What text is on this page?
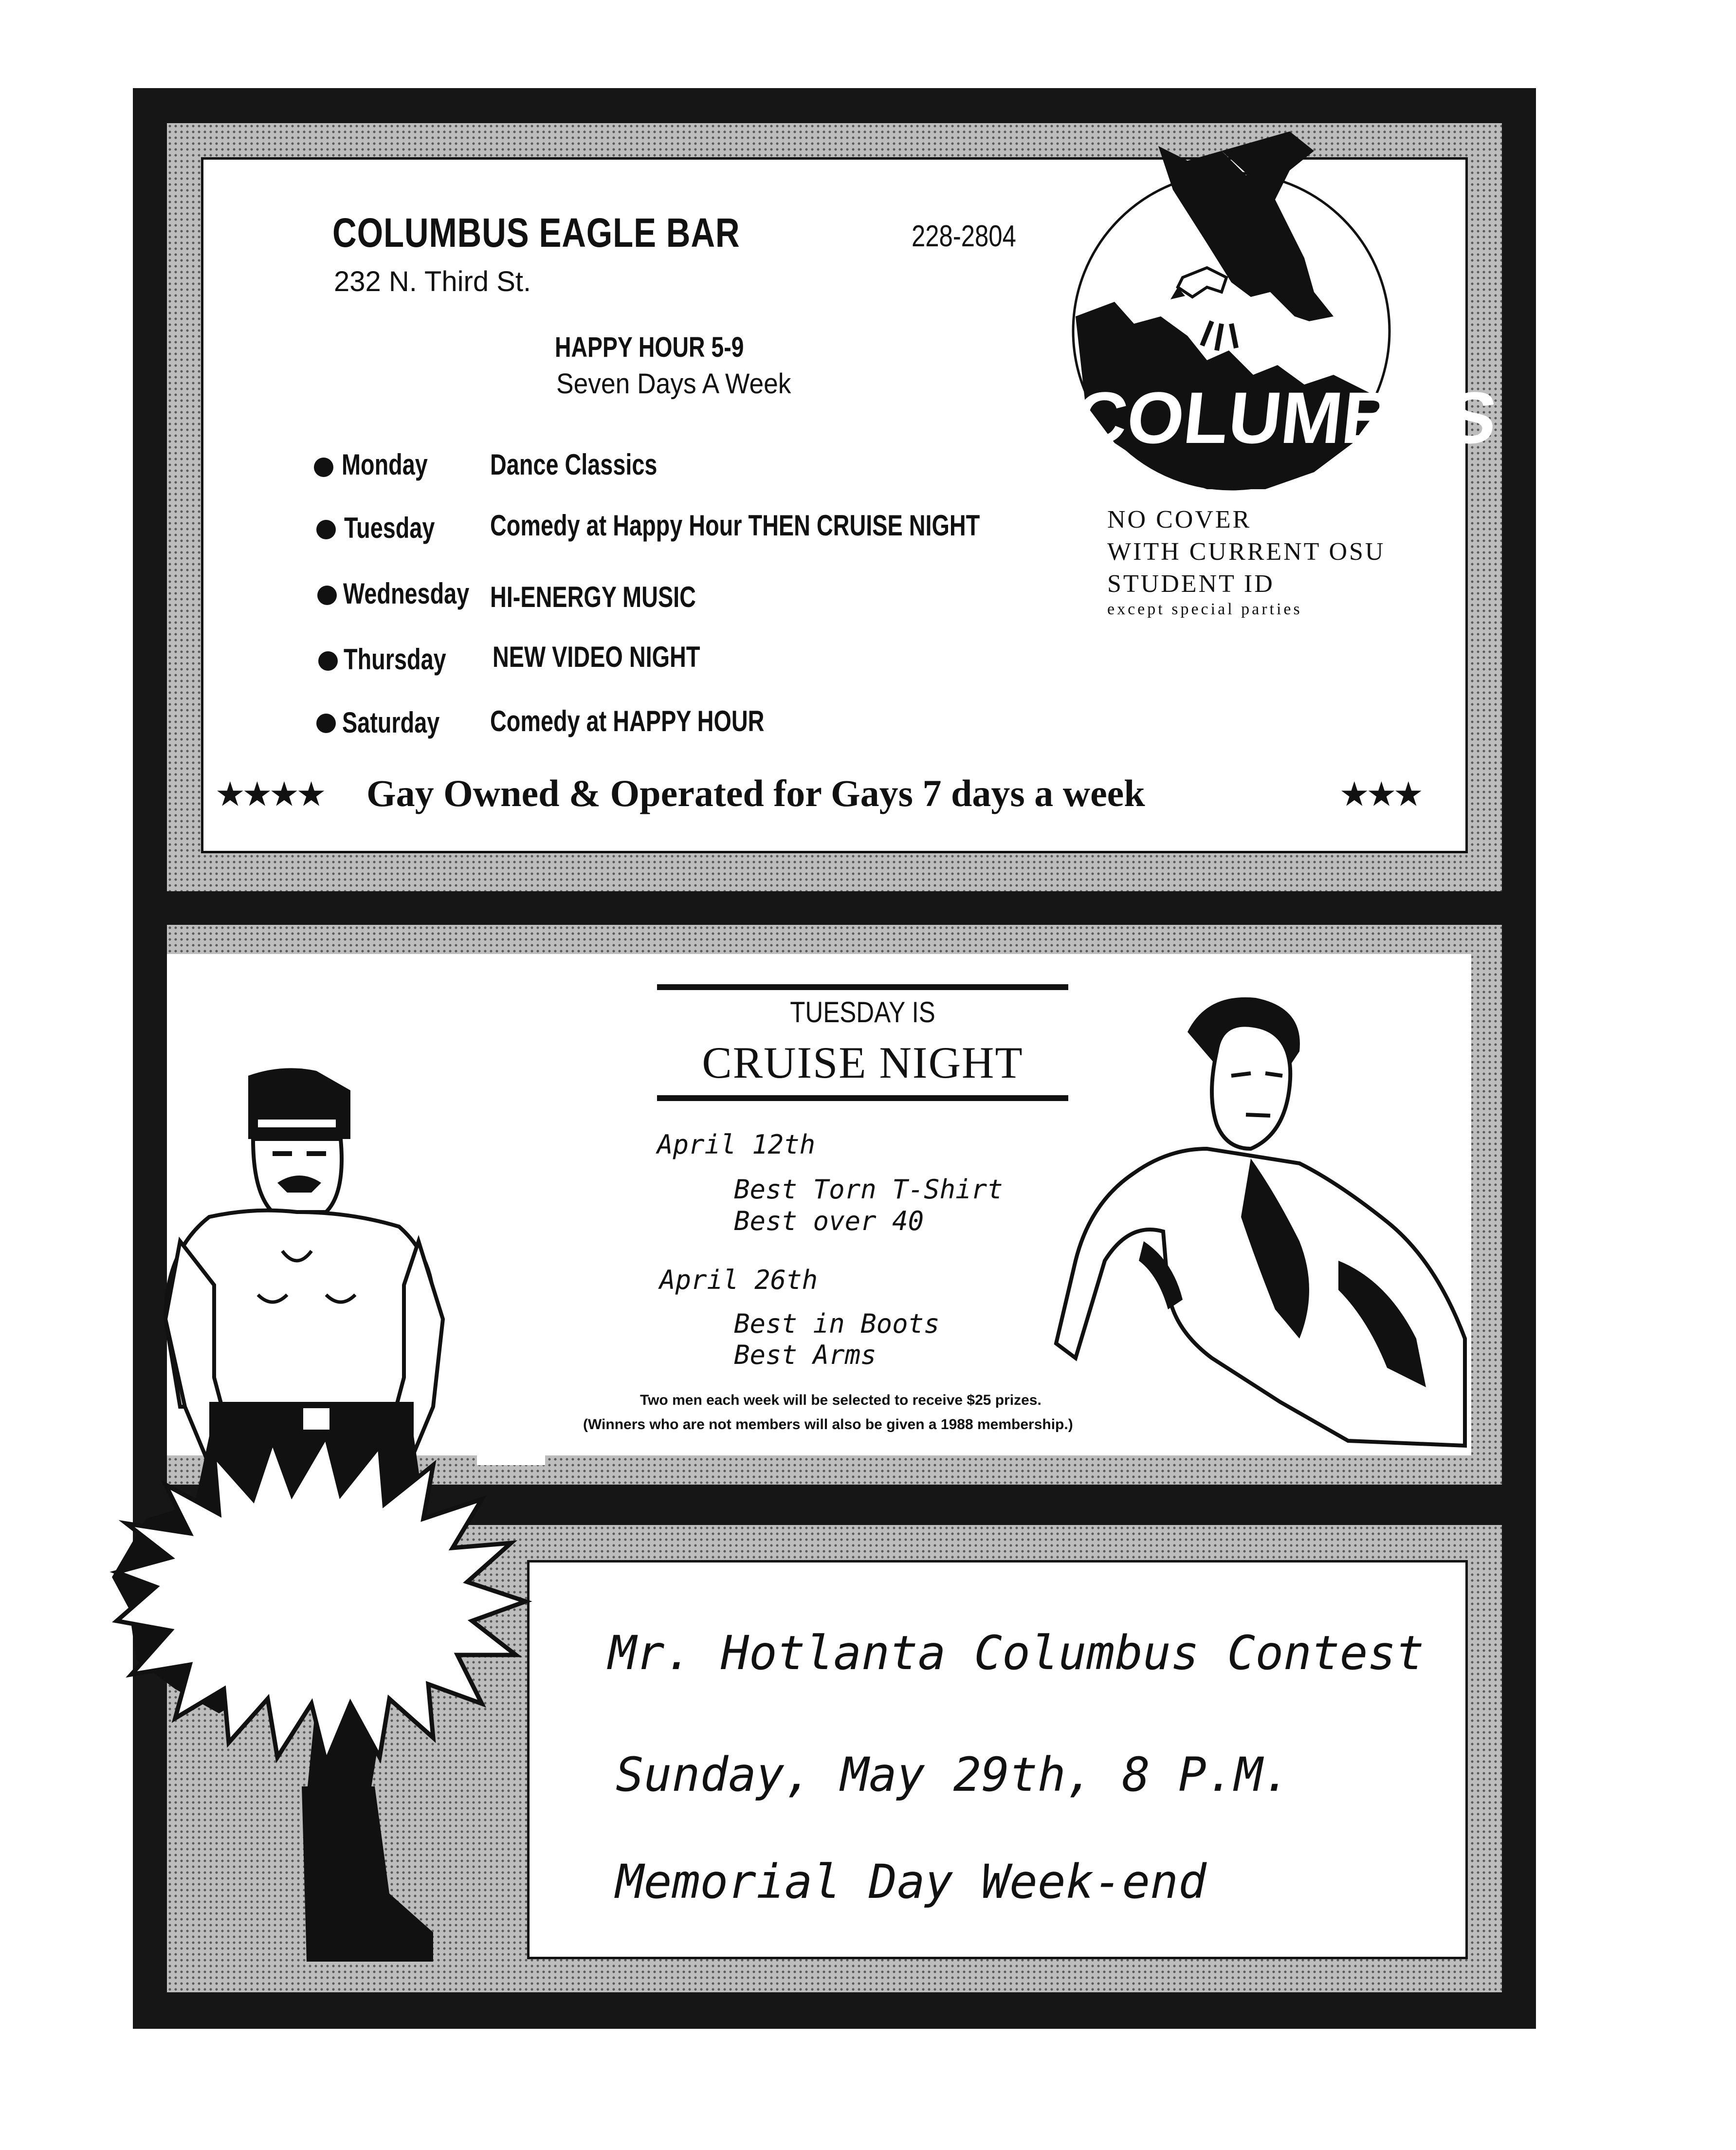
COLUMBUS EAGLE BAR	228-2804
232 N. Third St.
HAPPY HOUR 5-9
Seven Days A Week
Monday Dance Classics
Tuesday Comedy at Happy Hour THEN CRUISE NIGHT
Wednesday HI-ENERGY MUSIC
Thursday NEW VIDEO NIGHT
Saturday Comedy at HAPPY HOUR
COLUMBUS
NO COVER
WITH CURRENT OSU
STUDENT ID
except special parties
★★★★ Gay Owned & Operated for Gays 7 days a week	★★★
TUESDAY IS
CRUISE NIGHT
April 12th
Best Torn T-Shirt
Best over 40
April 26th
Best in Boots
Best Arms
Two men each week will be selected to receive $25 prizes.
(Winners who are not members will also be given a 1988 membership.)
Mr. Hotlanta Columbus Contest
Sunday, May 29th, 8 P.M.
Memorial Day Week-end
